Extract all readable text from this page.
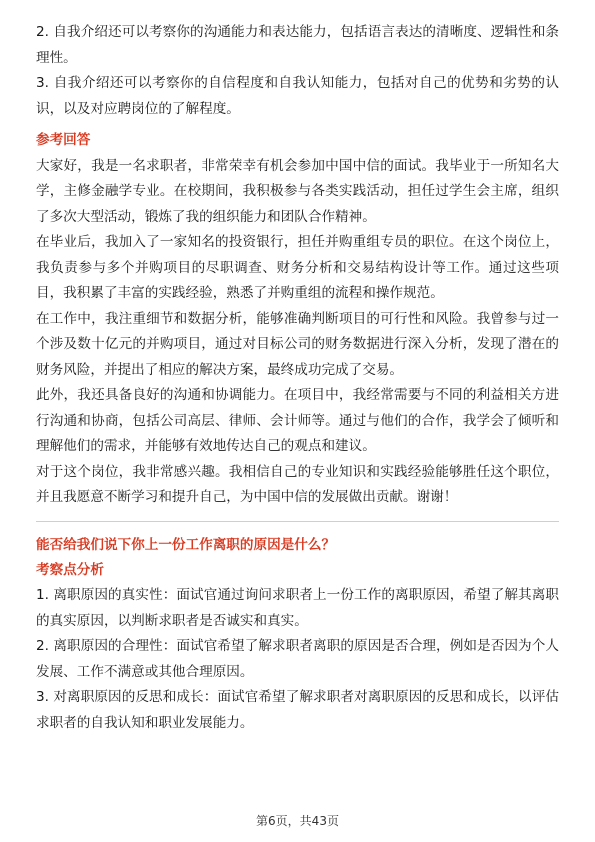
2. 自我介绍还可以考察你的沟通能力和表达能力，包括语言表达的清晰度、逻辑性和条理性。

3. 自我介绍还可以考察你的自信程度和自我认知能力，包括对自己的优势和劣势的认识，以及对应聘岗位的了解程度。

参考回答

大家好，我是一名求职者，非常荣幸有机会参加中国中信的面试。我毕业于一所知名大学，主修金融学专业。在校期间，我积极参与各类实践活动，担任过学生会主席，组织了多次大型活动，锻炼了我的组织能力和团队合作精神。

在毕业后，我加入了一家知名的投资银行，担任并购重组专员的职位。在这个岗位上，我负责参与多个并购项目的尽职调查、财务分析和交易结构设计等工作。通过这些项目，我积累了丰富的实践经验，熟悉了并购重组的流程和操作规范。

在工作中，我注重细节和数据分析，能够准确判断项目的可行性和风险。我曾参与过一个涉及数十亿元的并购项目，通过对目标公司的财务数据进行深入分析，发现了潜在的财务风险，并提出了相应的解决方案，最终成功完成了交易。

此外，我还具备良好的沟通和协调能力。在项目中，我经常需要与不同的利益相关方进行沟通和协商，包括公司高层、律师、会计师等。通过与他们的合作，我学会了倾听和理解他们的需求，并能够有效地传达自己的观点和建议。

对于这个岗位，我非常感兴趣。我相信自己的专业知识和实践经验能够胜任这个职位，并且我愿意不断学习和提升自己，为中国中信的发展做出贡献。谢谢！

能否给我们说下你上一份工作离职的原因是什么？

考察点分析

1. 离职原因的真实性：面试官通过询问求职者上一份工作的离职原因，希望了解其离职的真实原因，以判断求职者是否诚实和真实。

2. 离职原因的合理性：面试官希望了解求职者离职的原因是否合理，例如是否因为个人发展、工作不满意或其他合理原因。

3. 对离职原因的反思和成长：面试官希望了解求职者对离职原因的反思和成长，以评估求职者的自我认知和职业发展能力。

第6页，共43页
